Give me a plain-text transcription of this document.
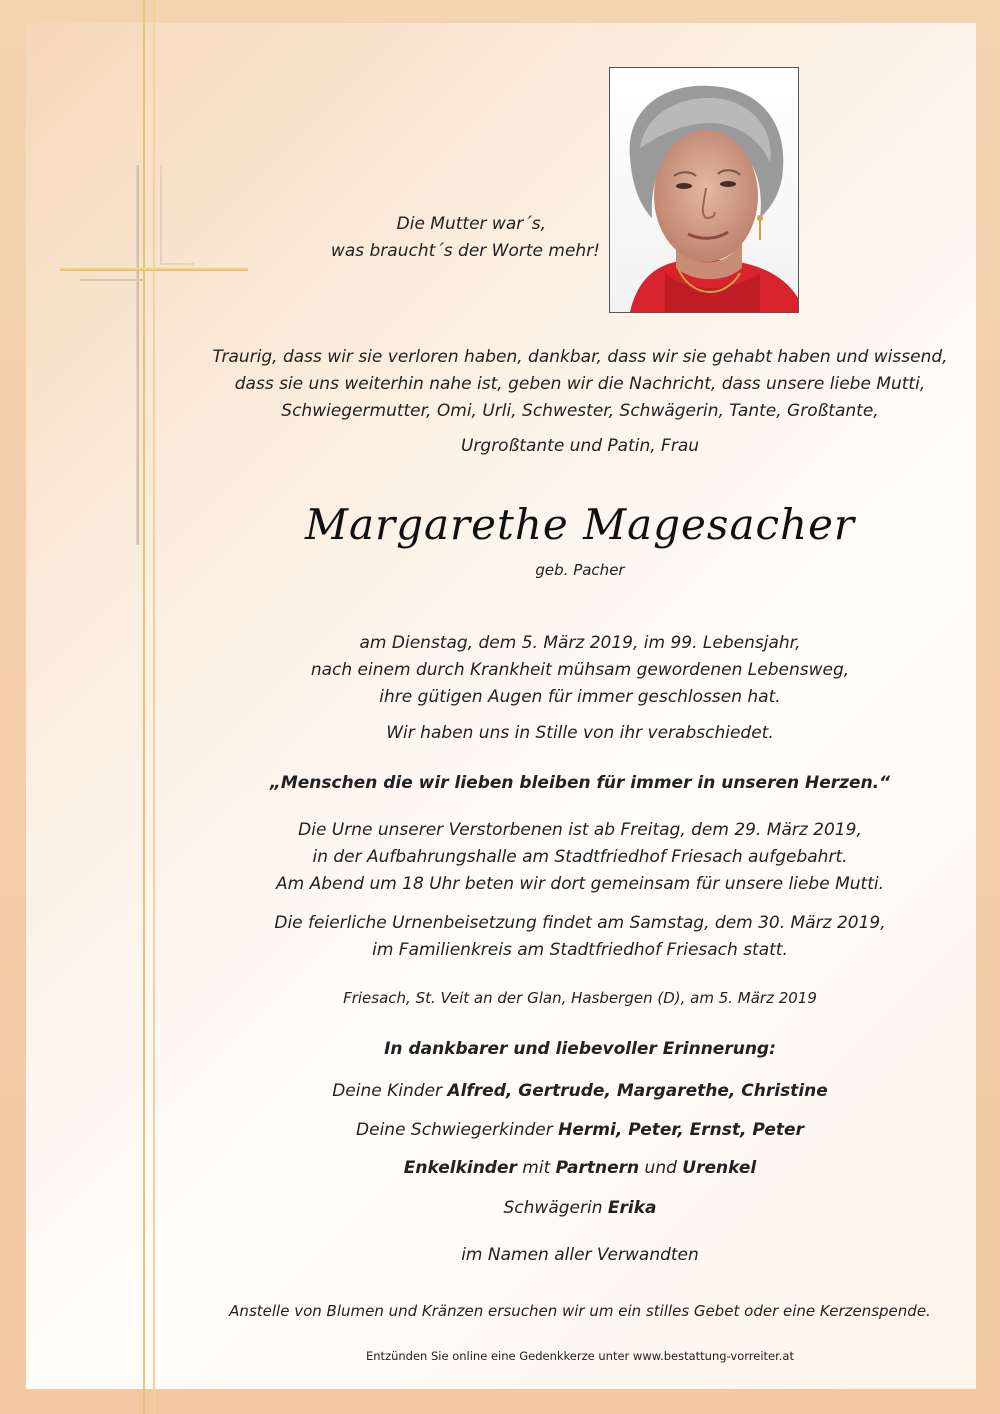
Die Mutter war´s,
was braucht´s der Worte mehr!
Traurig, dass wir sie verloren haben, dankbar, dass wir sie gehabt haben und wissend,
dass sie uns weiterhin nahe ist, geben wir die Nachricht, dass unsere liebe Mutti,
Schwiegermutter, Omi, Urli, Schwester, Schwägerin, Tante, Großtante,
Urgroßtante und Patin, Frau
Margarethe Magesacher
geb. Pacher
am Dienstag, dem 5. März 2019, im 99. Lebensjahr,
nach einem durch Krankheit mühsam gewordenen Lebensweg,
ihre gütigen Augen für immer geschlossen hat.
Wir haben uns in Stille von ihr verabschiedet.
„Menschen die wir lieben bleiben für immer in unseren Herzen.“
Die Urne unserer Verstorbenen ist ab Freitag, dem 29. März 2019,
in der Aufbahrungshalle am Stadtfriedhof Friesach aufgebahrt.
Am Abend um 18 Uhr beten wir dort gemeinsam für unsere liebe Mutti.
Die feierliche Urnenbeisetzung findet am Samstag, dem 30. März 2019,
im Familienkreis am Stadtfriedhof Friesach statt.
Friesach, St. Veit an der Glan, Hasbergen (D), am 5. März 2019
In dankbarer und liebevoller Erinnerung:
Deine Kinder Alfred, Gertrude, Margarethe, Christine
Deine Schwiegerkinder Hermi, Peter, Ernst, Peter
Enkelkinder mit Partnern und Urenkel
Schwägerin Erika
im Namen aller Verwandten
Anstelle von Blumen und Kränzen ersuchen wir um ein stilles Gebet oder eine Kerzenspende.
Entzünden Sie online eine Gedenkkerze unter www.bestattung-vorreiter.at
